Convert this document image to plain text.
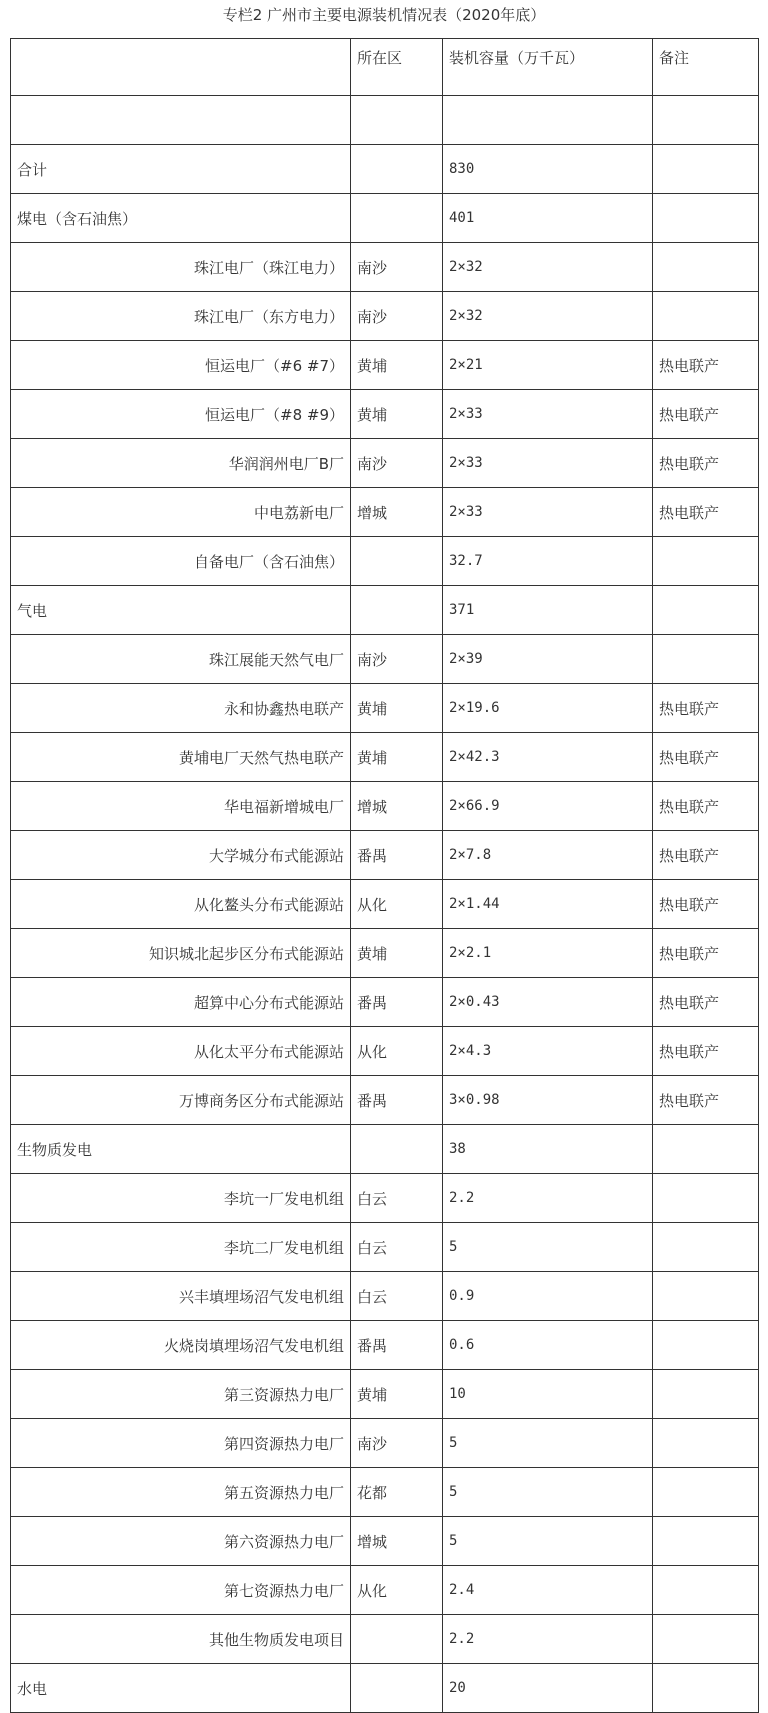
专栏2 广州市主要电源装机情况表（2020年底）
	所在区	装机容量（万千瓦）	备注

合计		830	
煤电（含石油焦）		401	
珠江电厂（珠江电力）	南沙	2×32	
珠江电厂（东方电力）	南沙	2×32	
恒运电厂（#6 #7）	黄埔	2×21	热电联产
恒运电厂（#8 #9）	黄埔	2×33	热电联产
华润润州电厂B厂	南沙	2×33	热电联产
中电荔新电厂	增城	2×33	热电联产
自备电厂（含石油焦）		32.7	
气电		371	
珠江展能天然气电厂	南沙	2×39	
永和协鑫热电联产	黄埔	2×19.6	热电联产
黄埔电厂天然气热电联产	黄埔	2×42.3	热电联产
华电福新增城电厂	增城	2×66.9	热电联产
大学城分布式能源站	番禺	2×7.8	热电联产
从化鳌头分布式能源站	从化	2×1.44	热电联产
知识城北起步区分布式能源站	黄埔	2×2.1	热电联产
超算中心分布式能源站	番禺	2×0.43	热电联产
从化太平分布式能源站	从化	2×4.3	热电联产
万博商务区分布式能源站	番禺	3×0.98	热电联产
生物质发电		38	
李坑一厂发电机组	白云	2.2	
李坑二厂发电机组	白云	5	
兴丰填埋场沼气发电机组	白云	0.9	
火烧岗填埋场沼气发电机组	番禺	0.6	
第三资源热力电厂	黄埔	10	
第四资源热力电厂	南沙	5	
第五资源热力电厂	花都	5	
第六资源热力电厂	增城	5	
第七资源热力电厂	从化	2.4	
其他生物质发电项目		2.2	
水电		20	
